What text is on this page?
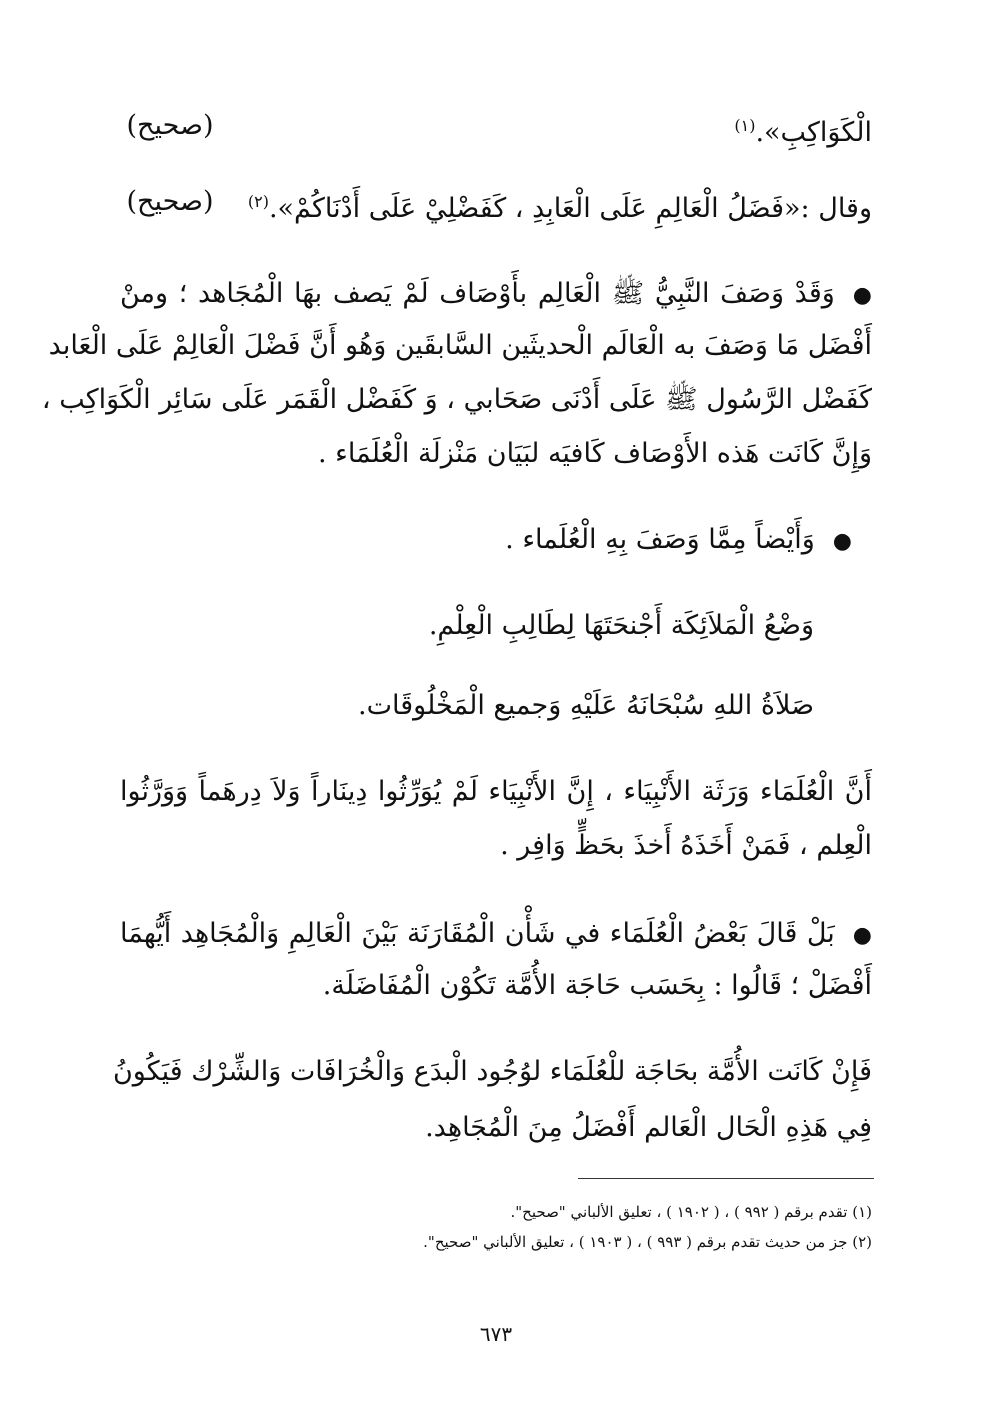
الْكَوَاكِبِ».$^{(١)}$
(صحيح)
وقال :«فَضَلُ الْعَالِمِ عَلَى الْعَابِدِ ، كَفَضْلِيْ عَلَى أَدْنَاكُمْ».$^{(٢)}$
(صحيح)
●وَقَدْ وَصَفَ النَّبِيُّ ﷺ الْعَالِم بأَوْصَاف لَمْ يَصف بهَا الْمُجَاهد ؛ ومنْ
أَفْضَل مَا وَصَفَ به الْعَالَم الْحديثَين السَّابقَين وَهُو أَنَّ فَضْلَ الْعَالِمْ عَلَى الْعَابد
كَفَضْل الرَّسُول ﷺ عَلَى أَدْنَى صَحَابي ، وَ كَفَضْل الْقَمَر عَلَى سَائِر الْكَوَاكِب ،
وَإِنَّ كَانَت هَذه الأَوْصَاف كَافيَه لبَيَان مَنْزلَة الْعُلَمَاء .
●وَأَيْضاً مِمَّا وَصَفَ بِهِ الْعُلَماء .
وَضْعُ الْمَلاَئِكَة أَجْنحَتَهَا لِطَالِبِ الْعِلْمِ.
صَلاَةُ اللهِ سُبْحَانَهُ عَلَيْهِ وَجميع الْمَخْلُوقَات.
أَنَّ الْعُلَمَاء وَرَثَة الأَنْبِيَاء ، إِنَّ الأَنْبِيَاء لَمْ يُوَرِّثُوا دِينَاراً وَلاَ دِرهَماً وَوَرَّثُوا
الْعِلم ، فَمَنْ أَخَذَهُ أَخذَ بحَظٍّ وَافِر .
●بَلْ قَالَ بَعْضُ الْعُلَمَاء في شَأْن الْمُقَارَنَة بَيْنَ الْعَالِمِ وَالْمُجَاهِد أَيُّهمَا
أَفْضَلْ ؛ قَالُوا : بِحَسَب حَاجَة الأُمَّة تَكُوْن الْمُفَاضَلَة.
فَإِنْ كَانَت الأُمَّة بحَاجَة للْعُلَمَاء لوُجُود الْبدَع وَالْخُرَافَات وَالشِّرْك فَيَكُونُ
فِي هَذِهِ الْحَال الْعَالم أَفْضَلُ مِنَ الْمُجَاهِد.
(١) تقدم برقم ( ٩٩٢ ) ، ( ١٩٠٢ ) ، تعليق الألباني "صحيح".
(٢) جز من حديث تقدم برقم ( ٩٩٣ ) ، ( ١٩٠٣ ) ، تعليق الألباني "صحيح".
٦٧٣
